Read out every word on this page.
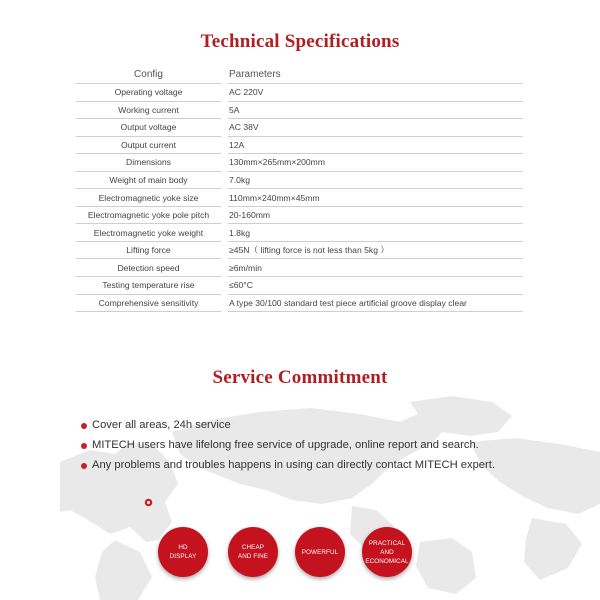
Technical Specifications
Config		Parameters
Operating voltage		AC 220V
Working current		5A
Output voltage		AC 38V
Output current		12A
Dimensions		130mm×265mm×200mm
Weight of main body		7.0kg
Electromagnetic yoke size		110mm×240mm×45mm
Electromagnetic yoke pole pitch		20-160mm
Electromagnetic yoke weight		1.8kg
Lifting force		≥45N（ lifting force is not less than 5kg ）
Detection speed		≥6m/min
Testing temperature rise		≤60°C
Comprehensive sensitivity		A type 30/100 standard test piece artificial groove display clear
Cover all areas, 24h service
MITECH users have lifelong free service of upgrade, online report and search.
Any problems and troubles happens in using can directly contact MITECH expert.
Service Commitment
HD
DISPLAY
CHEAP
AND FINE
POWERFUL
PRACTICAL
AND
ECONOMICAL
